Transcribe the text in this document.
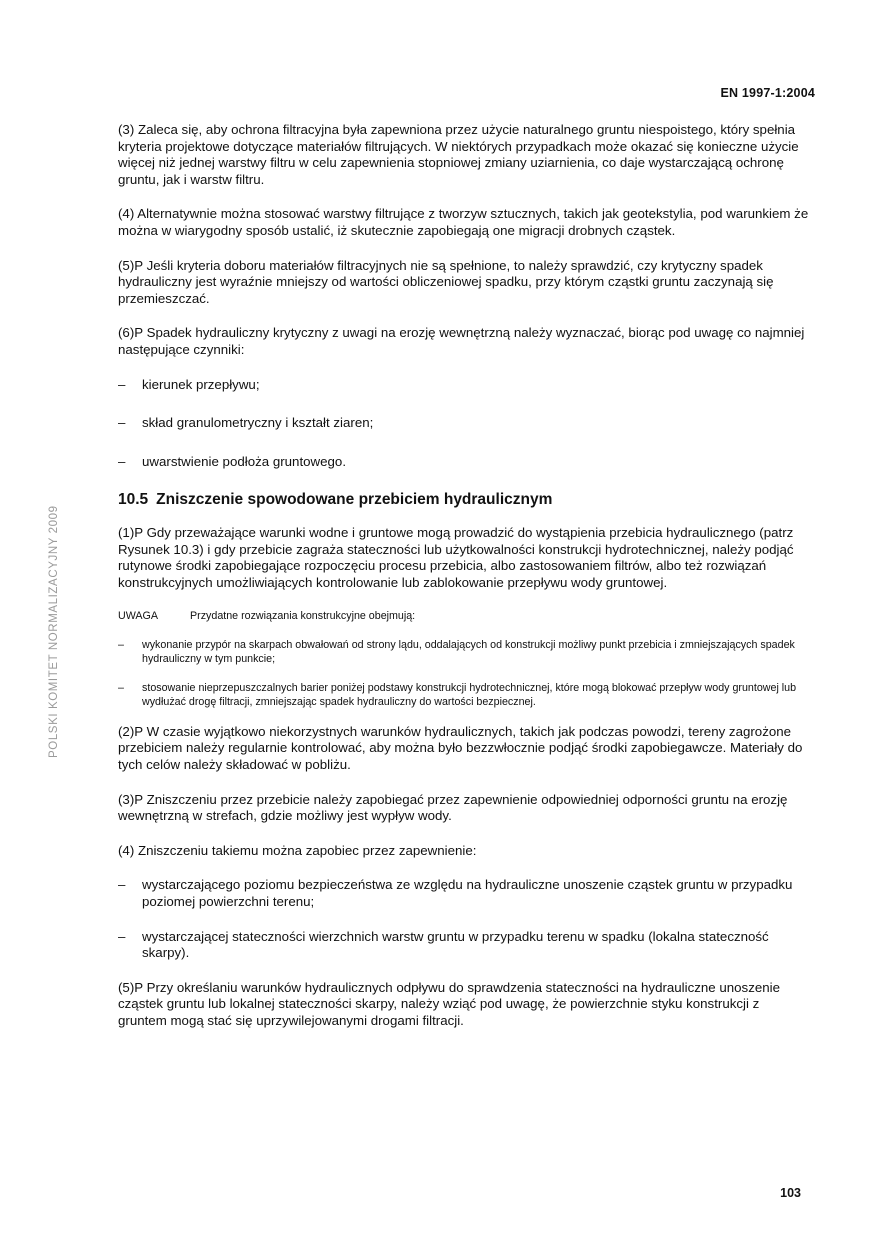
EN 1997-1:2004
POLSKI KOMITET NORMALIZACYJNY 2009

(3) Zaleca się, aby ochrona filtracyjna była zapewniona przez użycie naturalnego gruntu niespoistego, który spełnia kryteria projektowe dotyczące materiałów filtrujących. W niektórych przypadkach może okazać się konieczne użycie więcej niż jednej warstwy filtru w celu zapewnienia stopniowej zmiany uziarnienia, co daje wystarczającą ochronę gruntu, jak i warstw filtru.

(4) Alternatywnie można stosować warstwy filtrujące z tworzyw sztucznych, takich jak geotekstylia, pod warunkiem że można w wiarygodny sposób ustalić, iż skutecznie zapobiegają one migracji drobnych cząstek.

(5)P Jeśli kryteria doboru materiałów filtracyjnych nie są spełnione, to należy sprawdzić, czy krytyczny spadek hydrauliczny jest wyraźnie mniejszy od wartości obliczeniowej spadku, przy którym cząstki gruntu zaczynają się przemieszczać.

(6)P Spadek hydrauliczny krytyczny z uwagi na erozję wewnętrzną należy wyznaczać, biorąc pod uwagę co najmniej następujące czynniki:

– kierunek przepływu;
– skład granulometryczny i kształt ziaren;
– uwarstwienie podłoża gruntowego.
10.5 Zniszczenie spowodowane przebiciem hydraulicznym

(1)P Gdy przeważające warunki wodne i gruntowe mogą prowadzić do wystąpienia przebicia hydraulicznego (patrz Rysunek 10.3) i gdy przebicie zagraża stateczności lub użytkowalności konstrukcji hydrotechnicznej, należy podjąć rutynowe środki zapobiegające rozpoczęciu procesu przebicia, albo zastosowaniem filtrów, albo też rozwiązań konstrukcyjnych umożliwiających kontrolowanie lub zablokowanie przepływu wody gruntowej.

UWAGA	Przydatne rozwiązania konstrukcyjne obejmują:
– wykonanie przypór na skarpach obwałowań od strony lądu, oddalających od konstrukcji możliwy punkt przebicia i zmniejszających spadek hydrauliczny w tym punkcie;
– stosowanie nieprzepuszczalnych barier poniżej podstawy konstrukcji hydrotechnicznej, które mogą blokować przepływ wody gruntowej lub wydłużać drogę filtracji, zmniejszając spadek hydrauliczny do wartości bezpiecznej.

(2)P W czasie wyjątkowo niekorzystnych warunków hydraulicznych, takich jak podczas powodzi, tereny zagrożone przebiciem należy regularnie kontrolować, aby można było bezzwłocznie podjąć środki zapobiegawcze. Materiały do tych celów należy składować w pobliżu.

(3)P Zniszczeniu przez przebicie należy zapobiegać przez zapewnienie odpowiedniej odporności gruntu na erozję wewnętrzną w strefach, gdzie możliwy jest wypływ wody.

(4) Zniszczeniu takiemu można zapobiec przez zapewnienie:

– wystarczającego poziomu bezpieczeństwa ze względu na hydrauliczne unoszenie cząstek gruntu w przypadku poziomej powierzchni terenu;
– wystarczającej stateczności wierzchnich warstw gruntu w przypadku terenu w spadku (lokalna stateczność skarpy).

(5)P Przy określaniu warunków hydraulicznych odpływu do sprawdzenia stateczności na hydrauliczne unoszenie cząstek gruntu lub lokalnej stateczności skarpy, należy wziąć pod uwagę, że powierzchnie styku konstrukcji z gruntem mogą stać się uprzywilejowanymi drogami filtracji.

103
